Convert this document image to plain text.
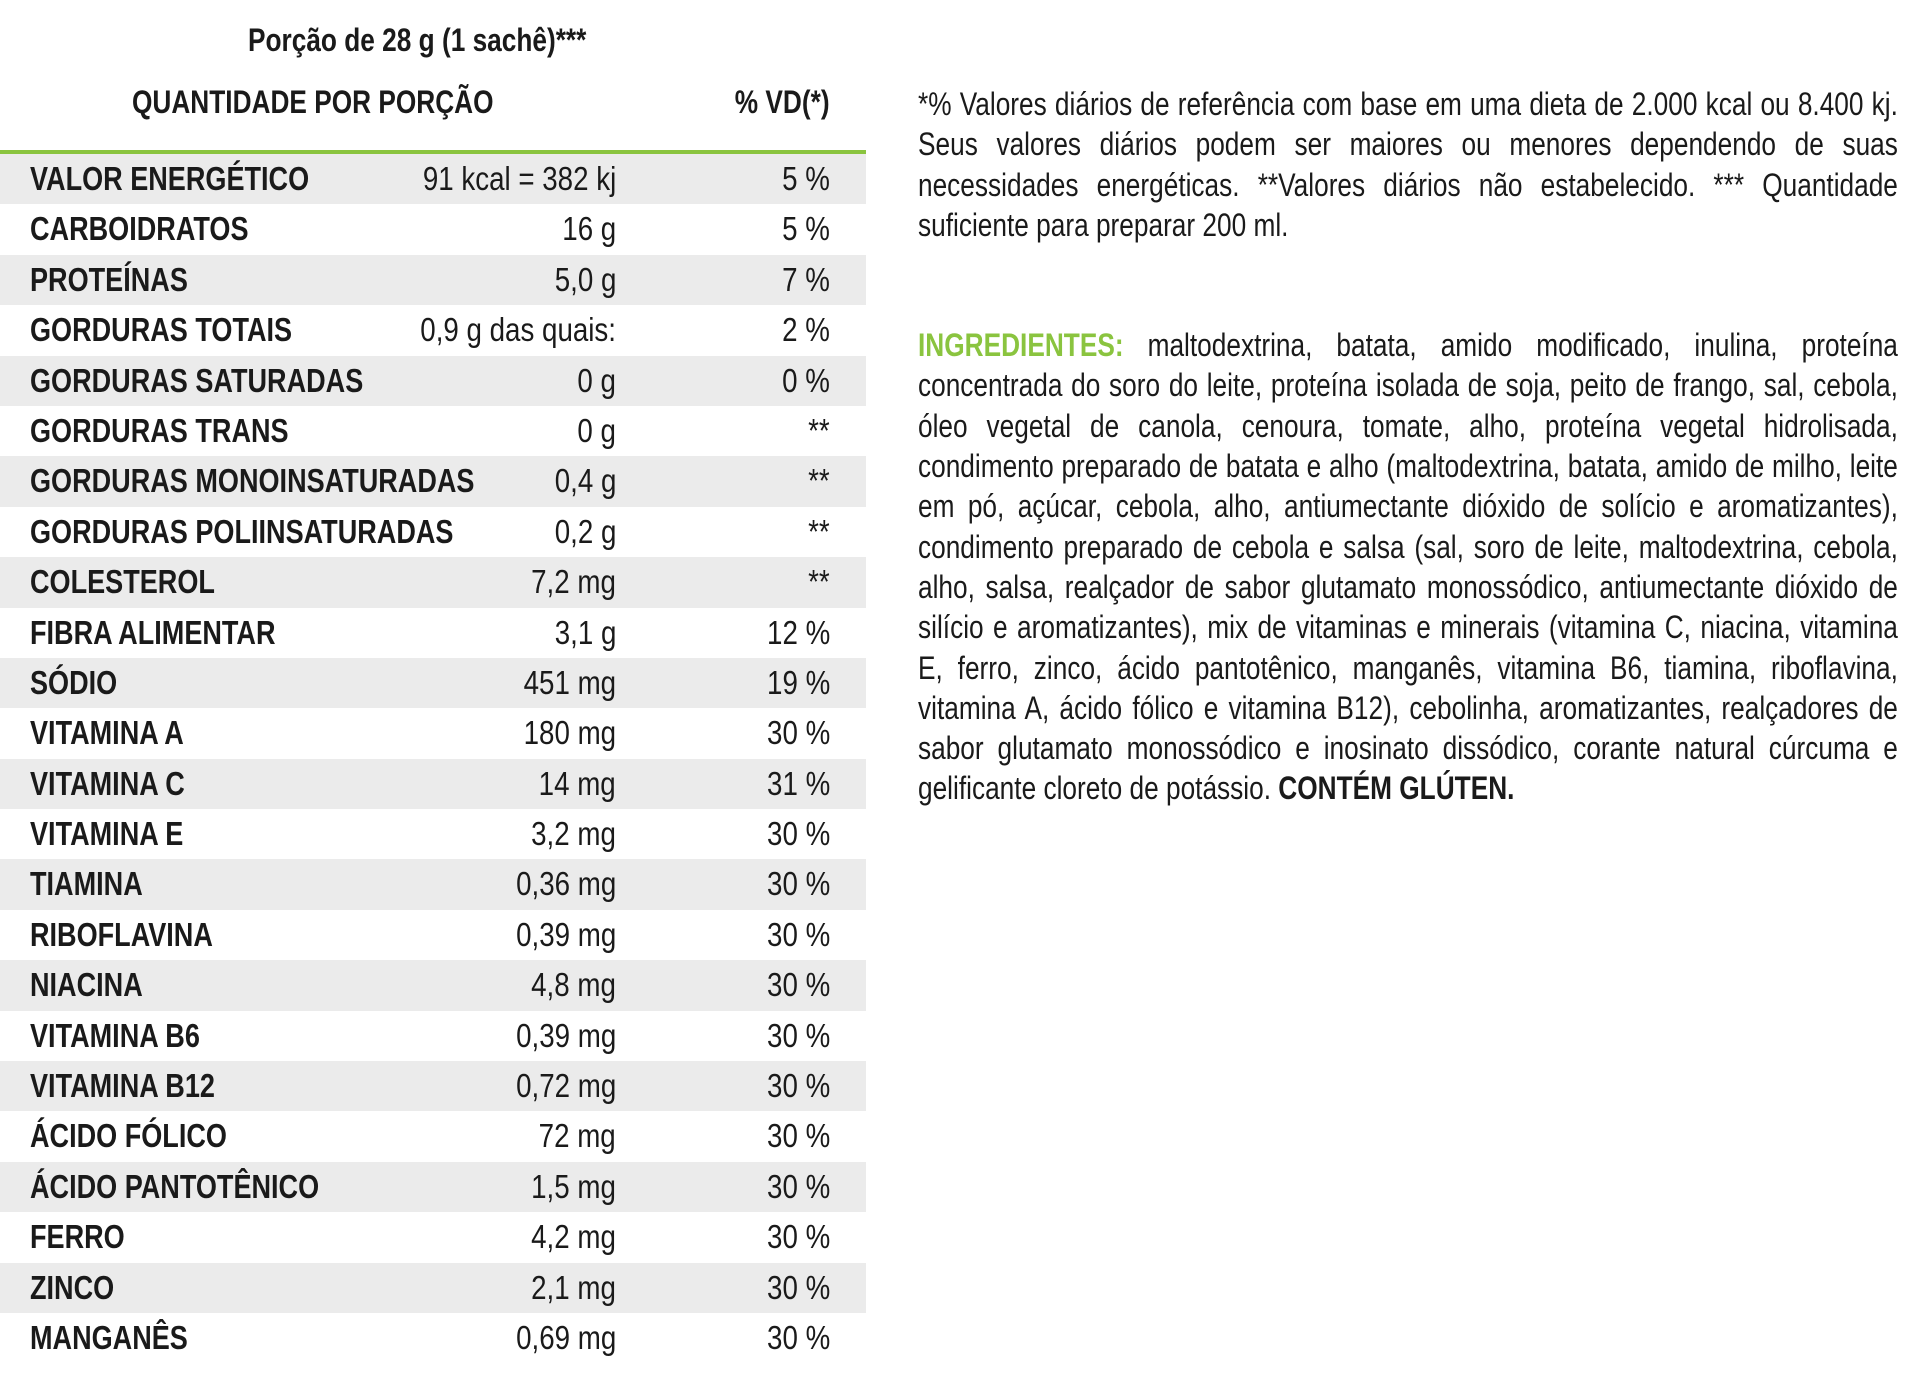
Porção de 28 g (1 sachê)***
QUANTIDADE POR PORÇÃO	% VD(*)
VALOR ENERGÉTICO	91 kcal = 382 kj	5 %
CARBOIDRATOS	16 g	5 %
PROTEÍNAS	5,0 g	7 %
GORDURAS TOTAIS	0,9 g das quais:	2 %
GORDURAS SATURADAS	0 g	0 %
GORDURAS TRANS	0 g	**
GORDURAS MONOINSATURADAS 0,4 g	**
GORDURAS POLIINSATURADAS	0,2 g	**
COLESTEROL	7,2 mg	**
FIBRA ALIMENTAR	3,1 g	12 %
SÓDIO	451 mg	19 %
VITAMINA A	180 mg	30 %
VITAMINA C	14 mg	31 %
VITAMINA E	3,2 mg	30 %
TIAMINA	0,36 mg	30 %
RIBOFLAVINA	0,39 mg	30 %
NIACINA	4,8 mg	30 %
VITAMINA B6	0,39 mg	30 %
VITAMINA B12	0,72 mg	30 %
ÁCIDO FÓLICO	72 mg	30 %
ÁCIDO PANTOTÊNICO	1,5 mg	30 %
FERRO	4,2 mg	30 %
ZINCO	2,1 mg	30 %
MANGANÊS	0,69 mg	30 %
*% Valores diários de referência com base em uma dieta de 2.000 kcal ou 8.400 kj. Seus valores diários podem ser maiores ou menores dependendo de suas necessidades energéticas. **Valores diários não estabelecido. *** Quantidade suficiente para preparar 200 ml.
INGREDIENTES: maltodextrina, batata, amido modificado, inulina, proteína concentrada do soro do leite, proteína isolada de soja, peito de frango, sal, cebola, óleo vegetal de canola, cenoura, tomate, alho, proteína vegetal hidrolisada, condimento preparado de batata e alho (maltodextrina, batata, amido de milho, leite em pó, açúcar, cebola, alho, antiumectante dióxido de solício e aromatizantes), condimento preparado de cebola e salsa (sal, soro de leite, maltodextrina, cebola, alho, salsa, realçador de sabor glutamato monossódico, antiumectante dióxido de silício e aromatizantes), mix de vitaminas e minerais (vitamina C, niacina, vitamina E, ferro, zinco, ácido pantotênico, manganês, vitamina B6, tiamina, riboflavina, vitamina A, ácido fólico e vitamina B12), cebolinha, aromatizantes, realçadores de sabor glutamato monossódico e inosinato dissódico, corante natural cúrcuma e gelificante cloreto de potássio. CONTÉM GLÚTEN.
